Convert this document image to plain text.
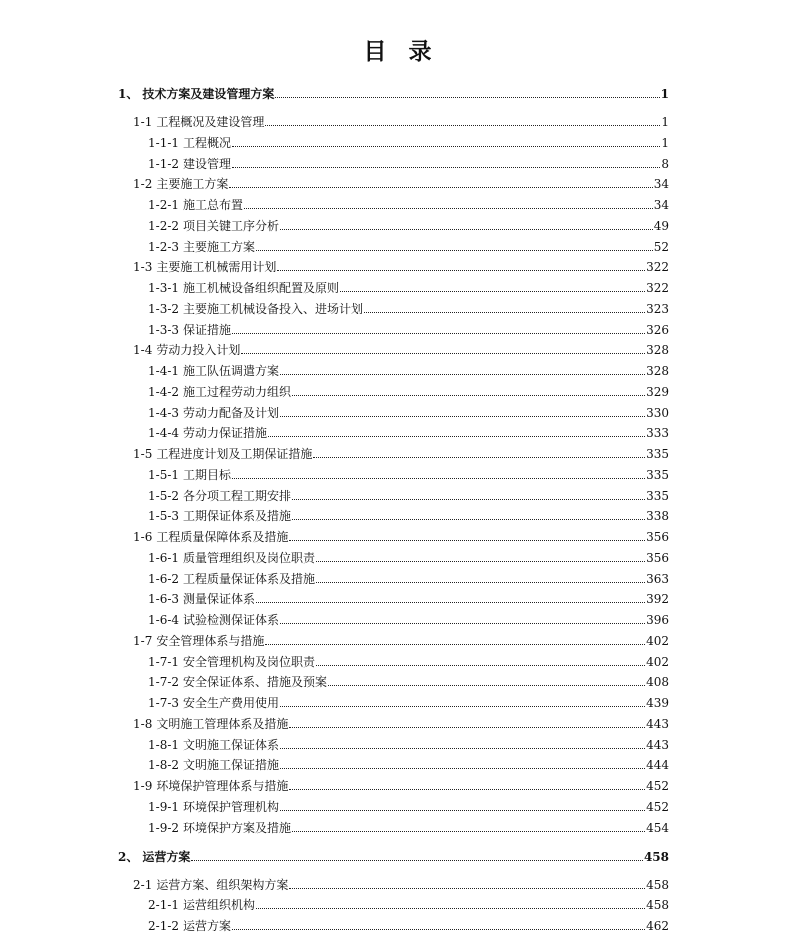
目 录
1、 技术方案及建设管理方案	1
1-1 工程概况及建设管理	1
1-1-1 工程概况	1
1-1-2 建设管理	8
1-2 主要施工方案	34
1-2-1 施工总布置	34
1-2-2 项目关键工序分析	49
1-2-3 主要施工方案	52
1-3 主要施工机械需用计划	322
1-3-1 施工机械设备组织配置及原则	322
1-3-2 主要施工机械设备投入、进场计划	323
1-3-3 保证措施	326
1-4 劳动力投入计划	328
1-4-1 施工队伍调遣方案	328
1-4-2 施工过程劳动力组织	329
1-4-3 劳动力配备及计划	330
1-4-4 劳动力保证措施	333
1-5 工程进度计划及工期保证措施	335
1-5-1 工期目标	335
1-5-2 各分项工程工期安排	335
1-5-3 工期保证体系及措施	338
1-6 工程质量保障体系及措施	356
1-6-1 质量管理组织及岗位职责	356
1-6-2 工程质量保证体系及措施	363
1-6-3 测量保证体系	392
1-6-4 试验检测保证体系	396
1-7 安全管理体系与措施	402
1-7-1 安全管理机构及岗位职责	402
1-7-2 安全保证体系、措施及预案	408
1-7-3 安全生产费用使用	439
1-8 文明施工管理体系及措施	443
1-8-1 文明施工保证体系	443
1-8-2 文明施工保证措施	444
1-9 环境保护管理体系与措施	452
1-9-1 环境保护管理机构	452
1-9-2 环境保护方案及措施	454
2、 运营方案	458
2-1 运营方案、组织架构方案	458
2-1-1 运营组织机构	458
2-1-2 运营方案	462
